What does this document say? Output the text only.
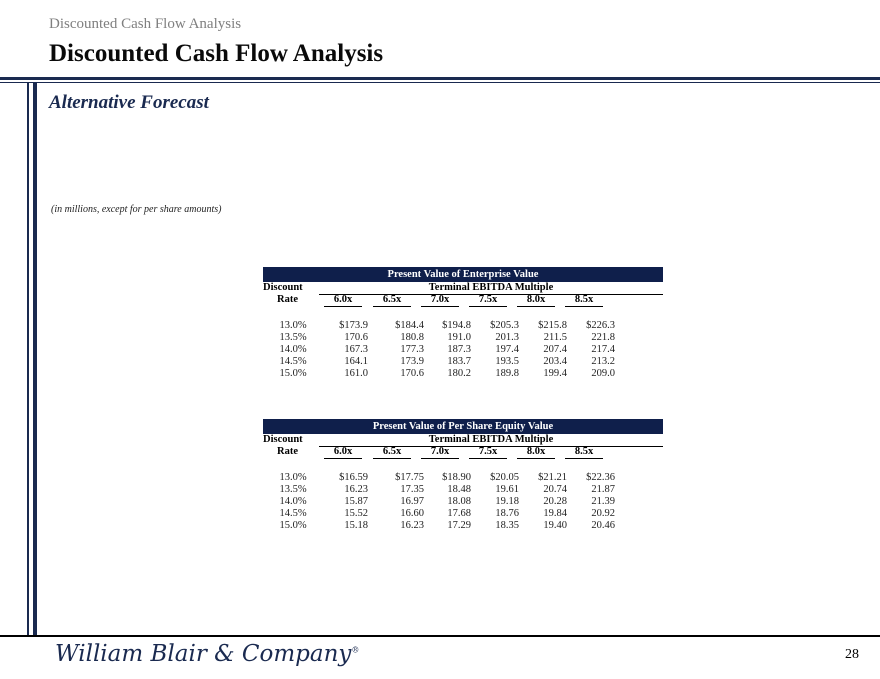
Discounted Cash Flow Analysis
Discounted Cash Flow Analysis
Alternative Forecast
(in millions, except for per share amounts)
Present Value of Enterprise Value
Discount	Terminal EBITDA Multiple
Rate	6.0x	6.5x	7.0x	7.5x	8.0x	8.5x
13.0%	$173.9	$184.4	$194.8	$205.3	$215.8	$226.3
13.5%	170.6	180.8	191.0	201.3	211.5	221.8
14.0%	167.3	177.3	187.3	197.4	207.4	217.4
14.5%	164.1	173.9	183.7	193.5	203.4	213.2
15.0%	161.0	170.6	180.2	189.8	199.4	209.0
Present Value of Per Share Equity Value
Discount	Terminal EBITDA Multiple
Rate	6.0x	6.5x	7.0x	7.5x	8.0x	8.5x
13.0%	$16.59	$17.75	$18.90	$20.05	$21.21	$22.36
13.5%	16.23	17.35	18.48	19.61	20.74	21.87
14.0%	15.87	16.97	18.08	19.18	20.28	21.39
14.5%	15.52	16.60	17.68	18.76	19.84	20.92
15.0%	15.18	16.23	17.29	18.35	19.40	20.46
William Blair & Company®	28
